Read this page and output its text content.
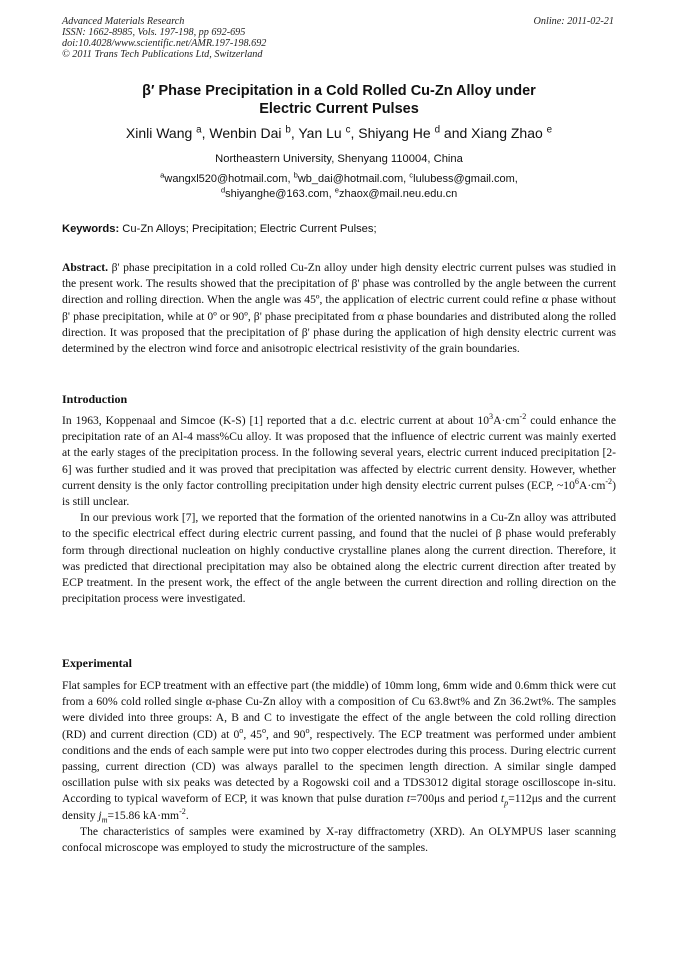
Advanced Materials Research
ISSN: 1662-8985, Vols. 197-198, pp 692-695
doi:10.4028/www.scientific.net/AMR.197-198.692
© 2011 Trans Tech Publications Ltd, Switzerland
Online: 2011-02-21
β′ Phase Precipitation in a Cold Rolled Cu-Zn Alloy under
Electric Current Pulses
Xinli Wang $^a$, Wenbin Dai $^b$, Yan Lu $^c$, Shiyang He $^d$ and Xiang Zhao $^e$
Northeastern University, Shenyang 110004, China
$^a$wangxl520@hotmail.com, $^b$wb_dai@hotmail.com, $^c$lulubess@gmail.com,
$^d$shiyanghe@163.com, $^e$zhaox@mail.neu.edu.cn
Keywords: Cu-Zn Alloys; Precipitation; Electric Current Pulses;

Abstract. β' phase precipitation in a cold rolled Cu-Zn alloy under high density electric current pulses was studied in the present work. The results showed that the precipitation of β' phase was controlled by the angle between the current direction and rolling direction. When the angle was 45º, the application of electric current could refine α phase without β' phase precipitation, while at 0º or 90º, β' phase precipitated from α phase boundaries and distributed along the rolled direction. It was proposed that the precipitation of β' phase during the application of high density electric current was determined by the electron wind force and anisotropic electrical resistivity of the grain boundaries.

Introduction

In 1963, Koppenaal and Simcoe (K-S) [1] reported that a d.c. electric current at about $10^3A\cdot cm^{-2}$ could enhance the precipitation rate of an Al-4 mass%Cu alloy. It was proposed that the influence of electric current was mainly exerted at the early stages of the precipitation process. In the following several years, electric current induced precipitation [2-6] was further studied and it was proved that precipitation was affected by electric current density. However, whether current density is the only factor controlling precipitation under high density electric current pulses (ECP, $\sim 10^6A\cdot cm^{-2}$) is still unclear.

In our previous work [7], we reported that the formation of the oriented nanotwins in a Cu-Zn alloy was attributed to the specific electrical effect during electric current passing, and found that the nuclei of β phase would preferably form through directional nucleation on highly conductive crystalline planes along the current direction. Therefore, it was predicted that directional precipitation may also be obtained along the electric current direction after treated by ECP treatment. In the present work, the effect of the angle between the current direction and rolling direction on the precipitation process were investigated.

Experimental

Flat samples for ECP treatment with an effective part (the middle) of 10mm long, 6mm wide and 0.6mm thick were cut from a 60% cold rolled single α-phase Cu-Zn alloy with a composition of Cu 63.8wt% and Zn 36.2wt%. The samples were divided into three groups: A, B and C to investigate the effect of the angle between the cold rolling direction (RD) and current direction (CD) at 0$^o$, 45$^o$, and 90$^o$, respectively. The ECP treatment was performed under ambient conditions and the ends of each sample were put into two copper electrodes during this process. During electric current passing, current direction (CD) was always parallel to the specimen length direction. A similar single damped oscillation pulse with six peaks was detected by a Rogowski coil and a TDS3012 digital storage oscilloscope in-situ. According to typical waveform of ECP, it was known that pulse duration t=700μs and period $t_p=112\mu s$ and the current density $j_m=15.86$ $kA\cdot mm^{-2}$.

The characteristics of samples were examined by X-ray diffractometry (XRD). An OLYMPUS laser scanning confocal microscope was employed to study the microstructure of the samples.
